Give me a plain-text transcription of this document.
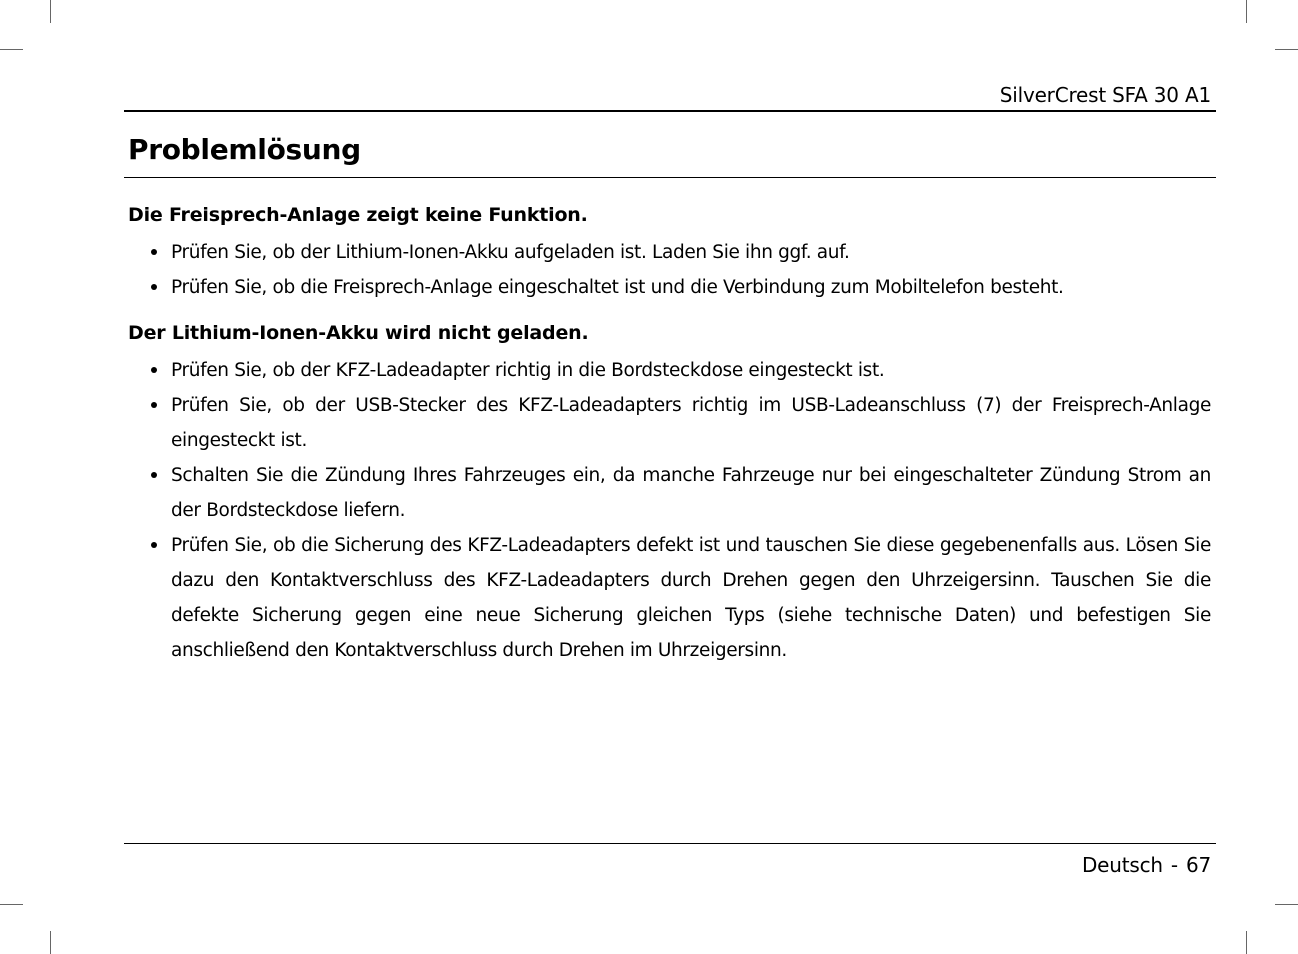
SilverCrest SFA 30 A1
Problemlösung
Die Freisprech-Anlage zeigt keine Funktion.
Prüfen Sie, ob der Lithium-Ionen-Akku aufgeladen ist. Laden Sie ihn ggf. auf.
Prüfen Sie, ob die Freisprech-Anlage eingeschaltet ist und die Verbindung zum Mobiltelefon besteht.
Der Lithium-Ionen-Akku wird nicht geladen.
Prüfen Sie, ob der KFZ-Ladeadapter richtig in die Bordsteckdose eingesteckt ist.
Prüfen Sie, ob der USB-Stecker des KFZ-Ladeadapters richtig im USB-Ladeanschluss (7) der Freisprech-Anlage eingesteckt ist.
Schalten Sie die Zündung Ihres Fahrzeuges ein, da manche Fahrzeuge nur bei eingeschalteter Zündung Strom an der Bordsteckdose liefern.
Prüfen Sie, ob die Sicherung des KFZ-Ladeadapters defekt ist und tauschen Sie diese gegebenenfalls aus. Lösen Sie dazu den Kontaktverschluss des KFZ-Ladeadapters durch Drehen gegen den Uhrzeigersinn. Tauschen Sie die defekte Sicherung gegen eine neue Sicherung gleichen Typs (siehe technische Daten) und befestigen Sie anschließend den Kontaktverschluss durch Drehen im Uhrzeigersinn.
Deutsch - 67
